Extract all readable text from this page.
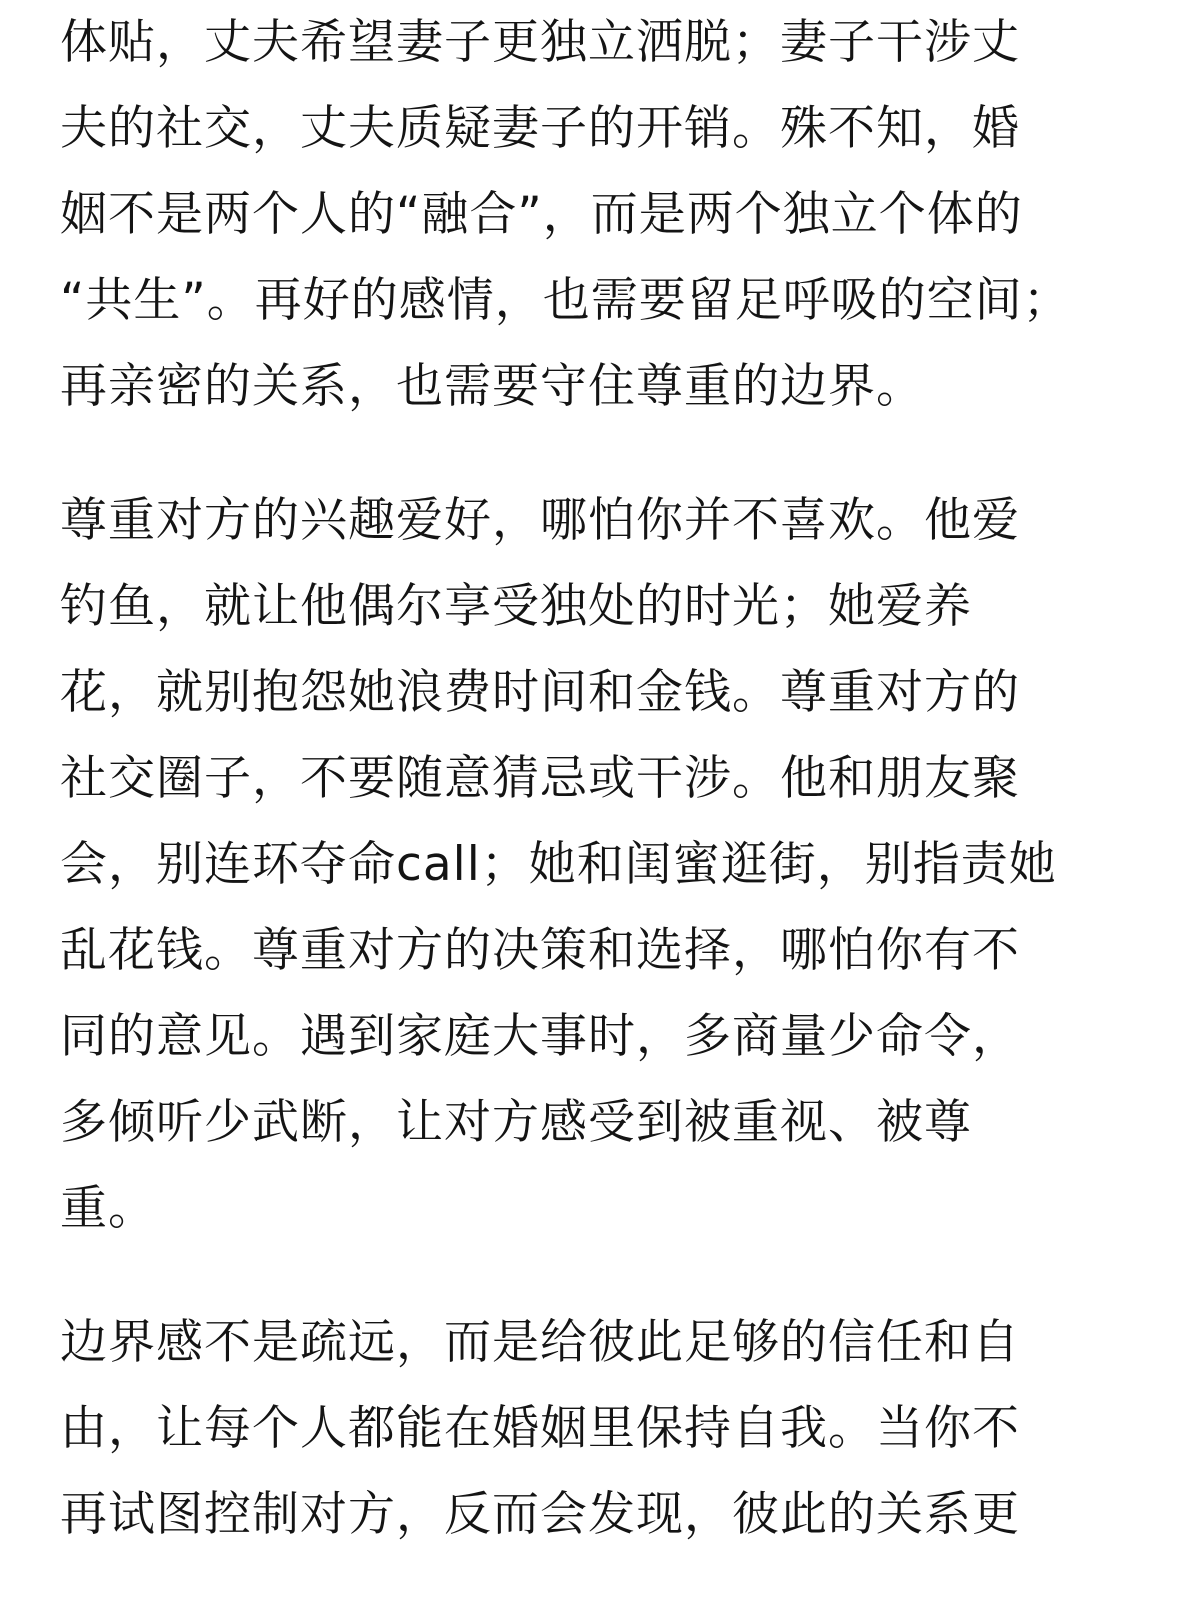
体贴，丈夫希望妻子更独立洒脱；妻子干涉丈
夫的社交，丈夫质疑妻子的开销。殊不知，婚
姻不是两个人的“融合”，而是两个独立个体的
“共生”。再好的感情，也需要留足呼吸的空间；
再亲密的关系，也需要守住尊重的边界。

尊重对方的兴趣爱好，哪怕你并不喜欢。他爱
钓鱼，就让他偶尔享受独处的时光；她爱养
花，就别抱怨她浪费时间和金钱。尊重对方的
社交圈子，不要随意猜忌或干涉。他和朋友聚
会，别连环夺命call；她和闺蜜逛街，别指责她
乱花钱。尊重对方的决策和选择，哪怕你有不
同的意见。遇到家庭大事时，多商量少命令，
多倾听少武断，让对方感受到被重视、被尊
重。

边界感不是疏远，而是给彼此足够的信任和自
由，让每个人都能在婚姻里保持自我。当你不
再试图控制对方，反而会发现，彼此的关系更
